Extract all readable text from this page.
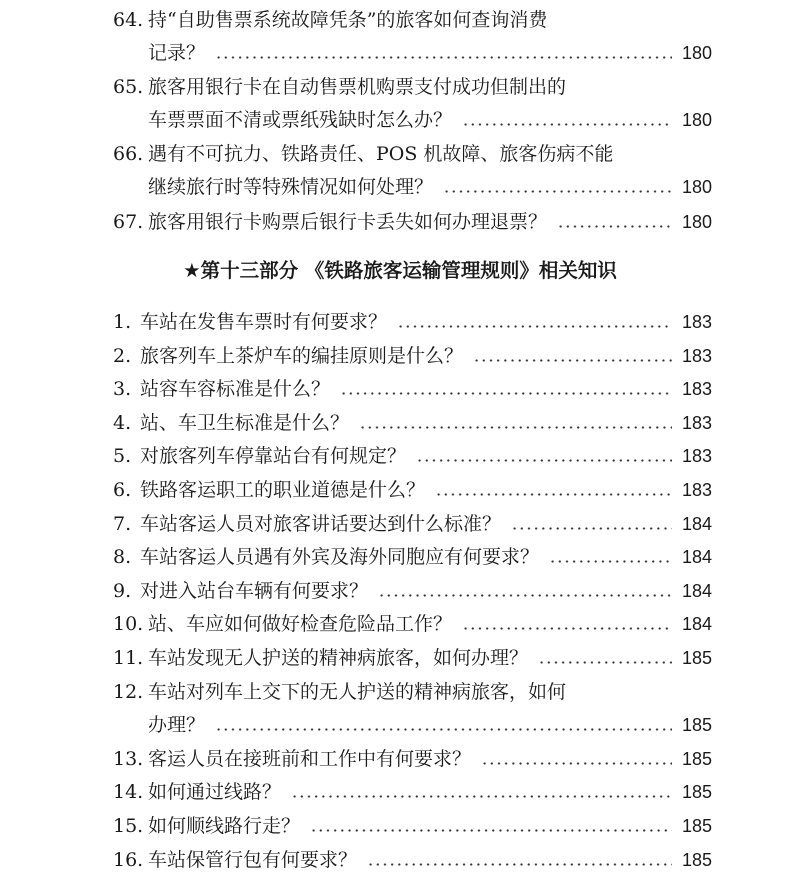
64. 持“自助售票系统故障凭条”的旅客如何查询消费
记录？	180
65. 旅客用银行卡在自动售票机购票支付成功但制出的
车票票面不清或票纸残缺时怎么办？	180
66. 遇有不可抗力、铁路责任、POS 机故障、旅客伤病不能
继续旅行时等特殊情况如何处理？	180
67. 旅客用银行卡购票后银行卡丢失如何办理退票？	180
★第十三部分 《铁路旅客运输管理规则》相关知识
1. 车站在发售车票时有何要求？	183
2. 旅客列车上茶炉车的编挂原则是什么？	183
3. 站容车容标准是什么？	183
4. 站、车卫生标准是什么？	183
5. 对旅客列车停靠站台有何规定？	183
6. 铁路客运职工的职业道德是什么？	183
7. 车站客运人员对旅客讲话要达到什么标准？	184
8. 车站客运人员遇有外宾及海外同胞应有何要求？	184
9. 对进入站台车辆有何要求？	184
10. 站、车应如何做好检查危险品工作？	184
11. 车站发现无人护送的精神病旅客，如何办理？	185
12. 车站对列车上交下的无人护送的精神病旅客，如何
办理？	185
13. 客运人员在接班前和工作中有何要求？	185
14. 如何通过线路？	185
15. 如何顺线路行走？	185
16. 车站保管行包有何要求？	185
